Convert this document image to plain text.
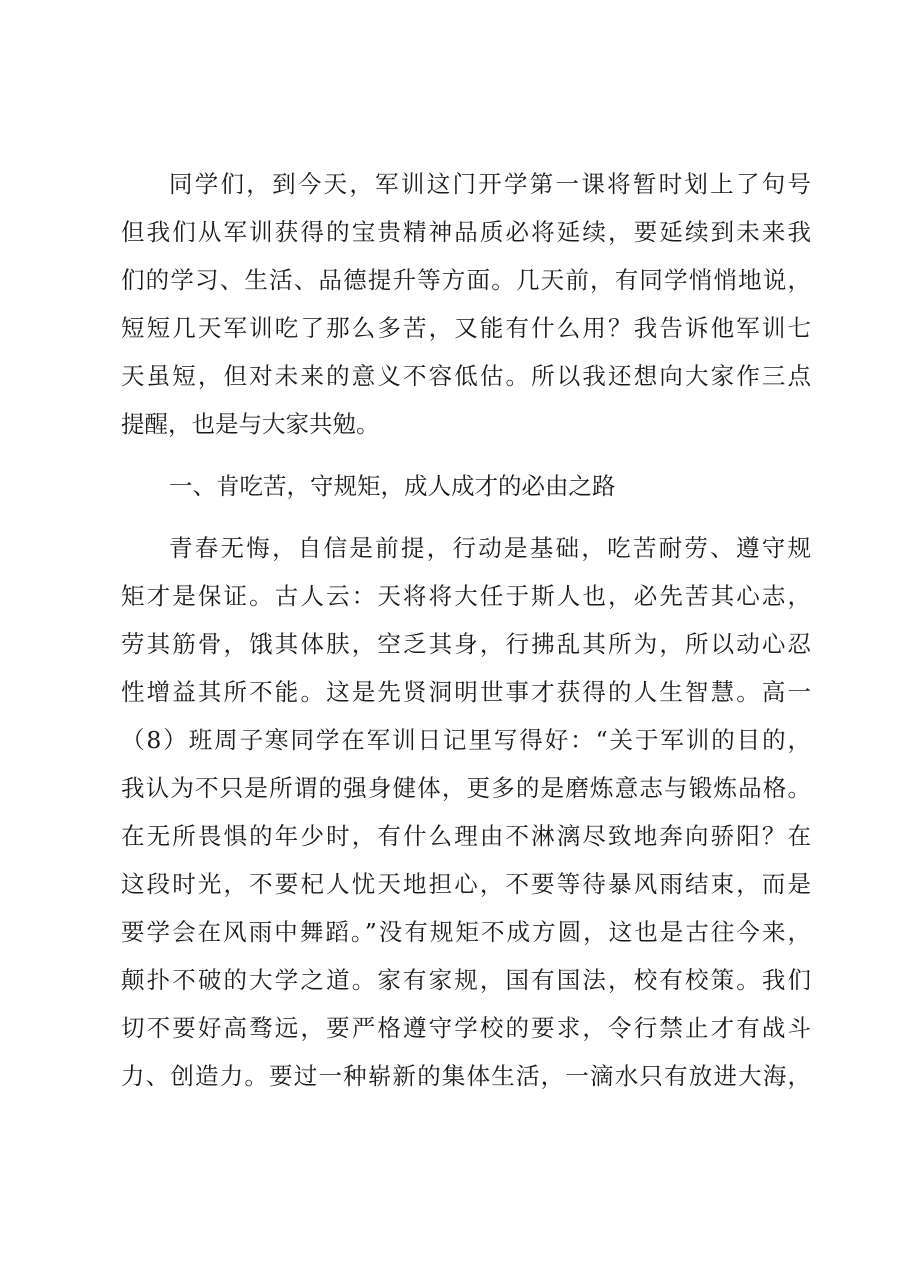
同学们，到今天，军训这门开学第一课将暂时划上了句号
但我们从军训获得的宝贵精神品质必将延续，要延续到未来我
们的学习、生活、品德提升等方面。几天前，有同学悄悄地说，
短短几天军训吃了那么多苦，又能有什么用？我告诉他军训七
天虽短，但对未来的意义不容低估。所以我还想向大家作三点
提醒，也是与大家共勉。
一、肯吃苦，守规矩，成人成才的必由之路
青春无悔，自信是前提，行动是基础，吃苦耐劳、遵守规
矩才是保证。古人云：天将将大任于斯人也，必先苦其心志，
劳其筋骨，饿其体肤，空乏其身，行拂乱其所为，所以动心忍
性增益其所不能。这是先贤洞明世事才获得的人生智慧。高一
（8）班周子寒同学在军训日记里写得好：“关于军训的目的，
我认为不只是所谓的强身健体，更多的是磨炼意志与锻炼品格。
在无所畏惧的年少时，有什么理由不淋漓尽致地奔向骄阳？在
这段时光，不要杞人忧天地担心，不要等待暴风雨结束，而是
要学会在风雨中舞蹈。”没有规矩不成方圆，这也是古往今来，
颠扑不破的大学之道。家有家规，国有国法，校有校策。我们
切不要好高骛远，要严格遵守学校的要求，令行禁止才有战斗
力、创造力。要过一种崭新的集体生活，一滴水只有放进大海，
